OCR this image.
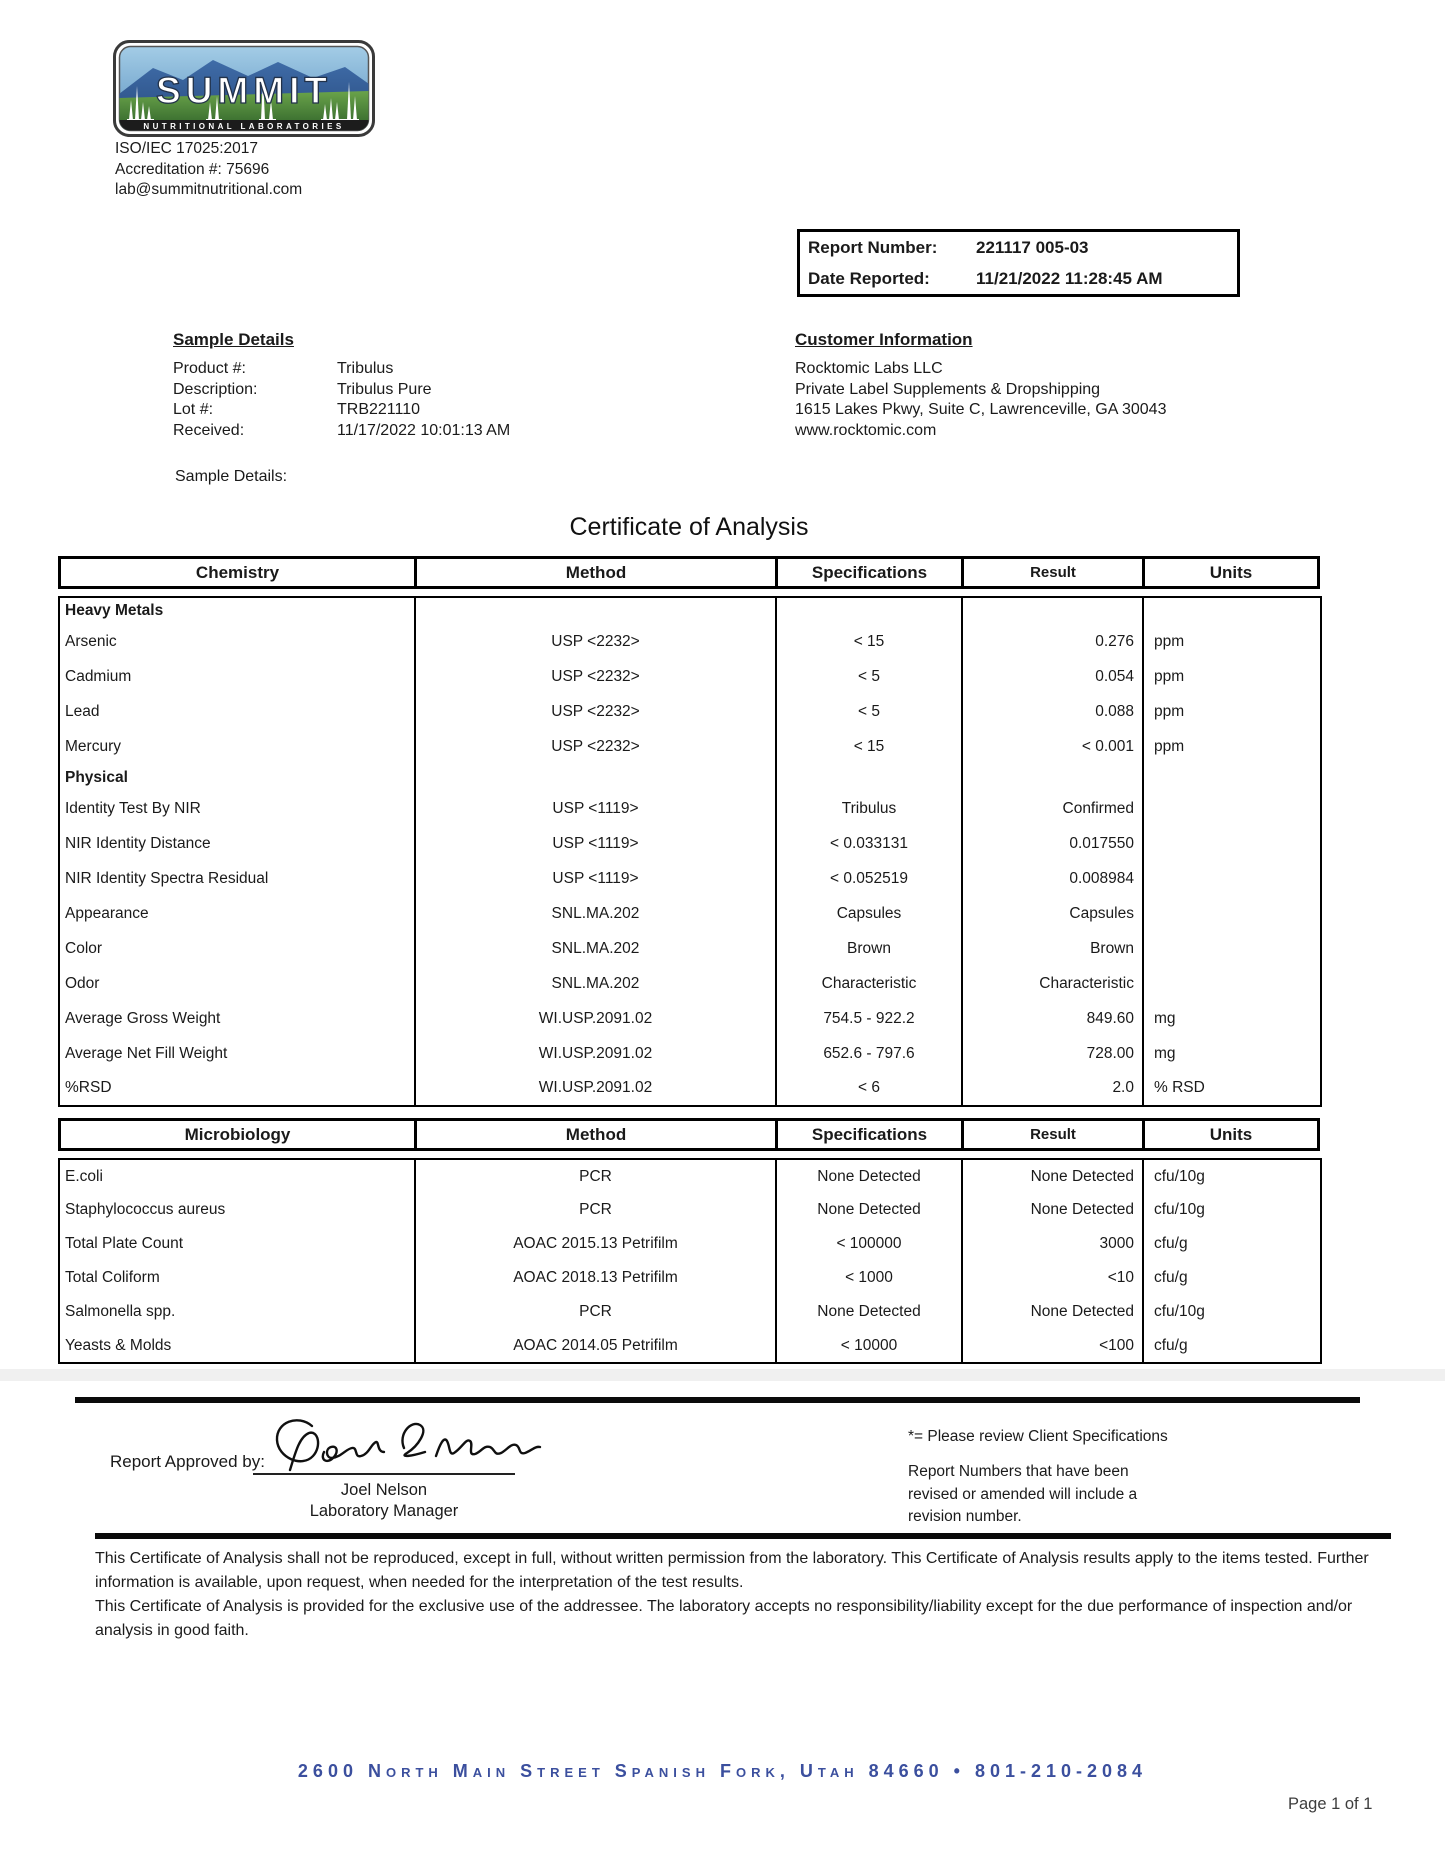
SUMMIT
NUTRITIONAL LABORATORIES
ISO/IEC 17025:2017
Accreditation #: 75696
lab@summitnutritional.com
Report Number:	221117 005-03
Date Reported:	11/21/2022 11:28:45 AM
Sample Details
Product #:	Tribulus
Description:	Tribulus Pure
Lot #:	TRB221110
Received:	11/17/2022 10:01:13 AM
Sample Details:
Customer Information
Rocktomic Labs LLC
Private Label Supplements & Dropshipping
1615 Lakes Pkwy, Suite C, Lawrenceville, GA 30043
www.rocktomic.com
Certificate of Analysis
Chemistry	Method	Specifications	Result	Units
Heavy Metals				
Arsenic	USP <2232>	< 15	0.276	ppm
Cadmium	USP <2232>	< 5	0.054	ppm
Lead	USP <2232>	< 5	0.088	ppm
Mercury	USP <2232>	< 15	< 0.001	ppm
Physical				
Identity Test By NIR	USP <1119>	Tribulus	Confirmed	
NIR Identity Distance	USP <1119>	< 0.033131	0.017550	
NIR Identity Spectra Residual	USP <1119>	< 0.052519	0.008984	
Appearance	SNL.MA.202	Capsules	Capsules	
Color	SNL.MA.202	Brown	Brown	
Odor	SNL.MA.202	Characteristic	Characteristic	
Average Gross Weight	WI.USP.2091.02	754.5 - 922.2	849.60	mg
Average Net Fill Weight	WI.USP.2091.02	652.6 - 797.6	728.00	mg
%RSD	WI.USP.2091.02	< 6	2.0	% RSD
Microbiology	Method	Specifications	Result	Units
E.coli	PCR	None Detected	None Detected	cfu/10g
Staphylococcus aureus	PCR	None Detected	None Detected	cfu/10g
Total Plate Count	AOAC 2015.13 Petrifilm	< 100000	3000	cfu/g
Total Coliform	AOAC 2018.13 Petrifilm	< 1000	<10	cfu/g
Salmonella spp.	PCR	None Detected	None Detected	cfu/10g
Yeasts & Molds	AOAC 2014.05 Petrifilm	< 10000	<100	cfu/g
Report Approved by:
Joel Nelson
Laboratory Manager
*= Please review Client Specifications
Report Numbers that have been revised or amended will include a revision number.

This Certificate of Analysis shall not be reproduced, except in full, without written permission from the laboratory. This Certificate of Analysis results apply to the items tested. Further information is available, upon request, when needed for the interpretation of the test results.

This Certificate of Analysis is provided for the exclusive use of the addressee. The laboratory accepts no responsibility/liability except for the due performance of inspection and/or analysis in good faith.

2600 North Main Street Spanish Fork, Utah 84660 • 801-210-2084
Page 1 of 1
